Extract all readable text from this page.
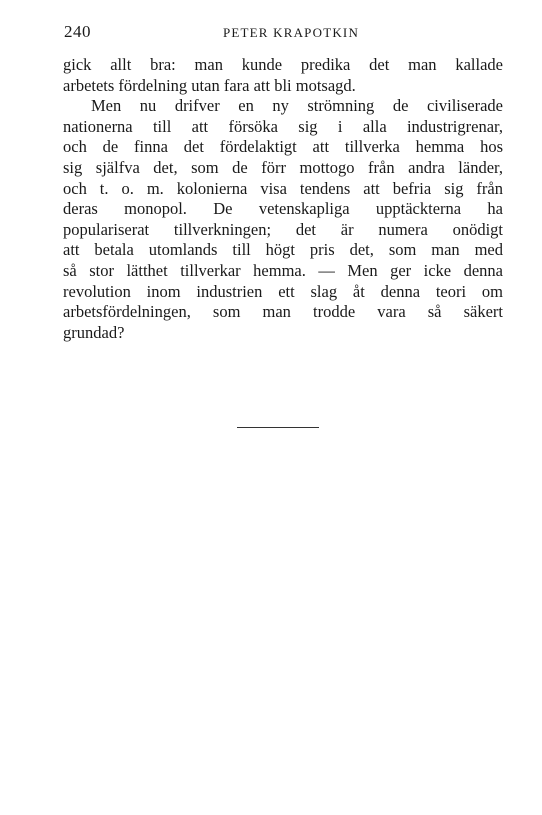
240	PETER KRAPOTKIN
gick allt bra: man kunde predika det man kallade
arbetets fördelning utan fara att bli motsagd.
Men nu drifver en ny strömning de civiliserade
nationerna till att försöka sig i alla industrigrenar,
och de finna det fördelaktigt att tillverka hemma hos
sig själfva det, som de förr mottogo från andra länder,
och t. o. m. kolonierna visa tendens att befria sig från
deras monopol. De vetenskapliga upptäckterna ha
populariserat tillverkningen; det är numera onödigt
att betala utomlands till högt pris det, som man med
så stor lätthet tillverkar hemma. — Men ger icke denna
revolution inom industrien ett slag åt denna teori om
arbetsfördelningen, som man trodde vara så säkert
grundad?
